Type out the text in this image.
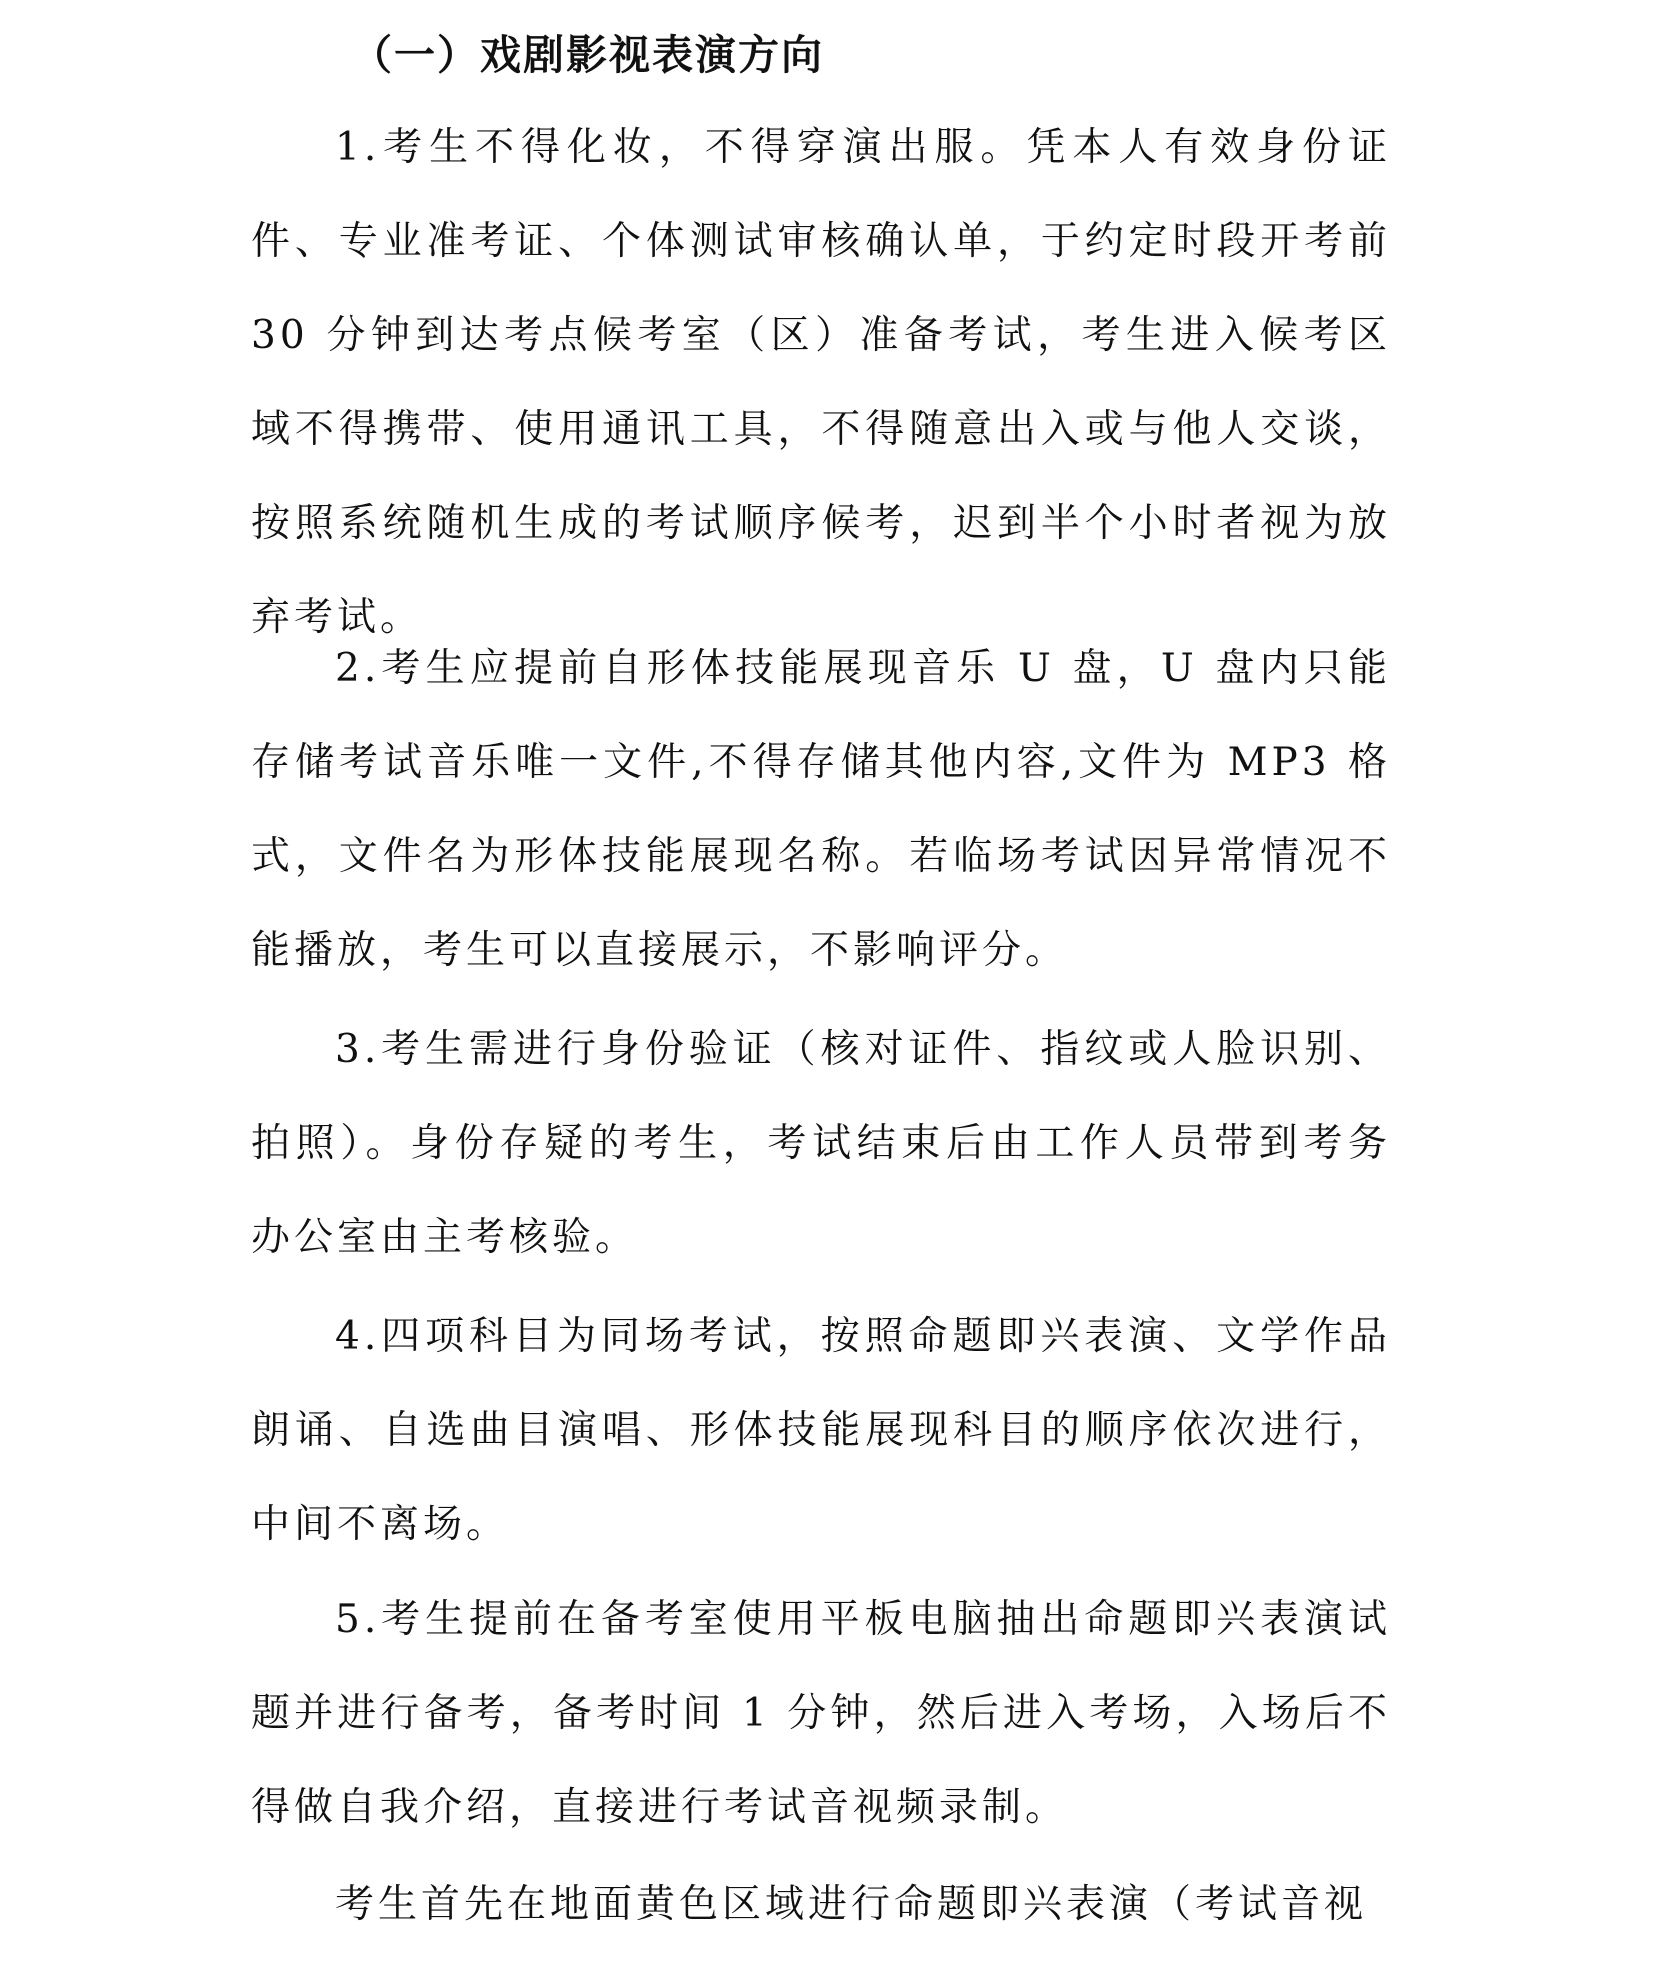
（一）戏剧影视表演方向

1.考生不得化妆，不得穿演出服。凭本人有效身份证件、专业准考证、个体测试审核确认单，于约定时段开考前 30 分钟到达考点候考室（区）准备考试，考生进入候考区域不得携带、使用通讯工具，不得随意出入或与他人交谈，按照系统随机生成的考试顺序候考，迟到半个小时者视为放弃考试。

2.考生应提前自形体技能展现音乐 U 盘，U 盘内只能存储考试音乐唯一文件,不得存储其他内容,文件为 MP3 格式，文件名为形体技能展现名称。若临场考试因异常情况不能播放，考生可以直接展示，不影响评分。

3.考生需进行身份验证（核对证件、指纹或人脸识别、拍照）。身份存疑的考生，考试结束后由工作人员带到考务办公室由主考核验。

4.四项科目为同场考试，按照命题即兴表演、文学作品朗诵、自选曲目演唱、形体技能展现科目的顺序依次进行，中间不离场。

5.考生提前在备考室使用平板电脑抽出命题即兴表演试题并进行备考，备考时间 1 分钟，然后进入考场，入场后不得做自我介绍，直接进行考试音视频录制。

考生首先在地面黄色区域进行命题即兴表演（考试音视
